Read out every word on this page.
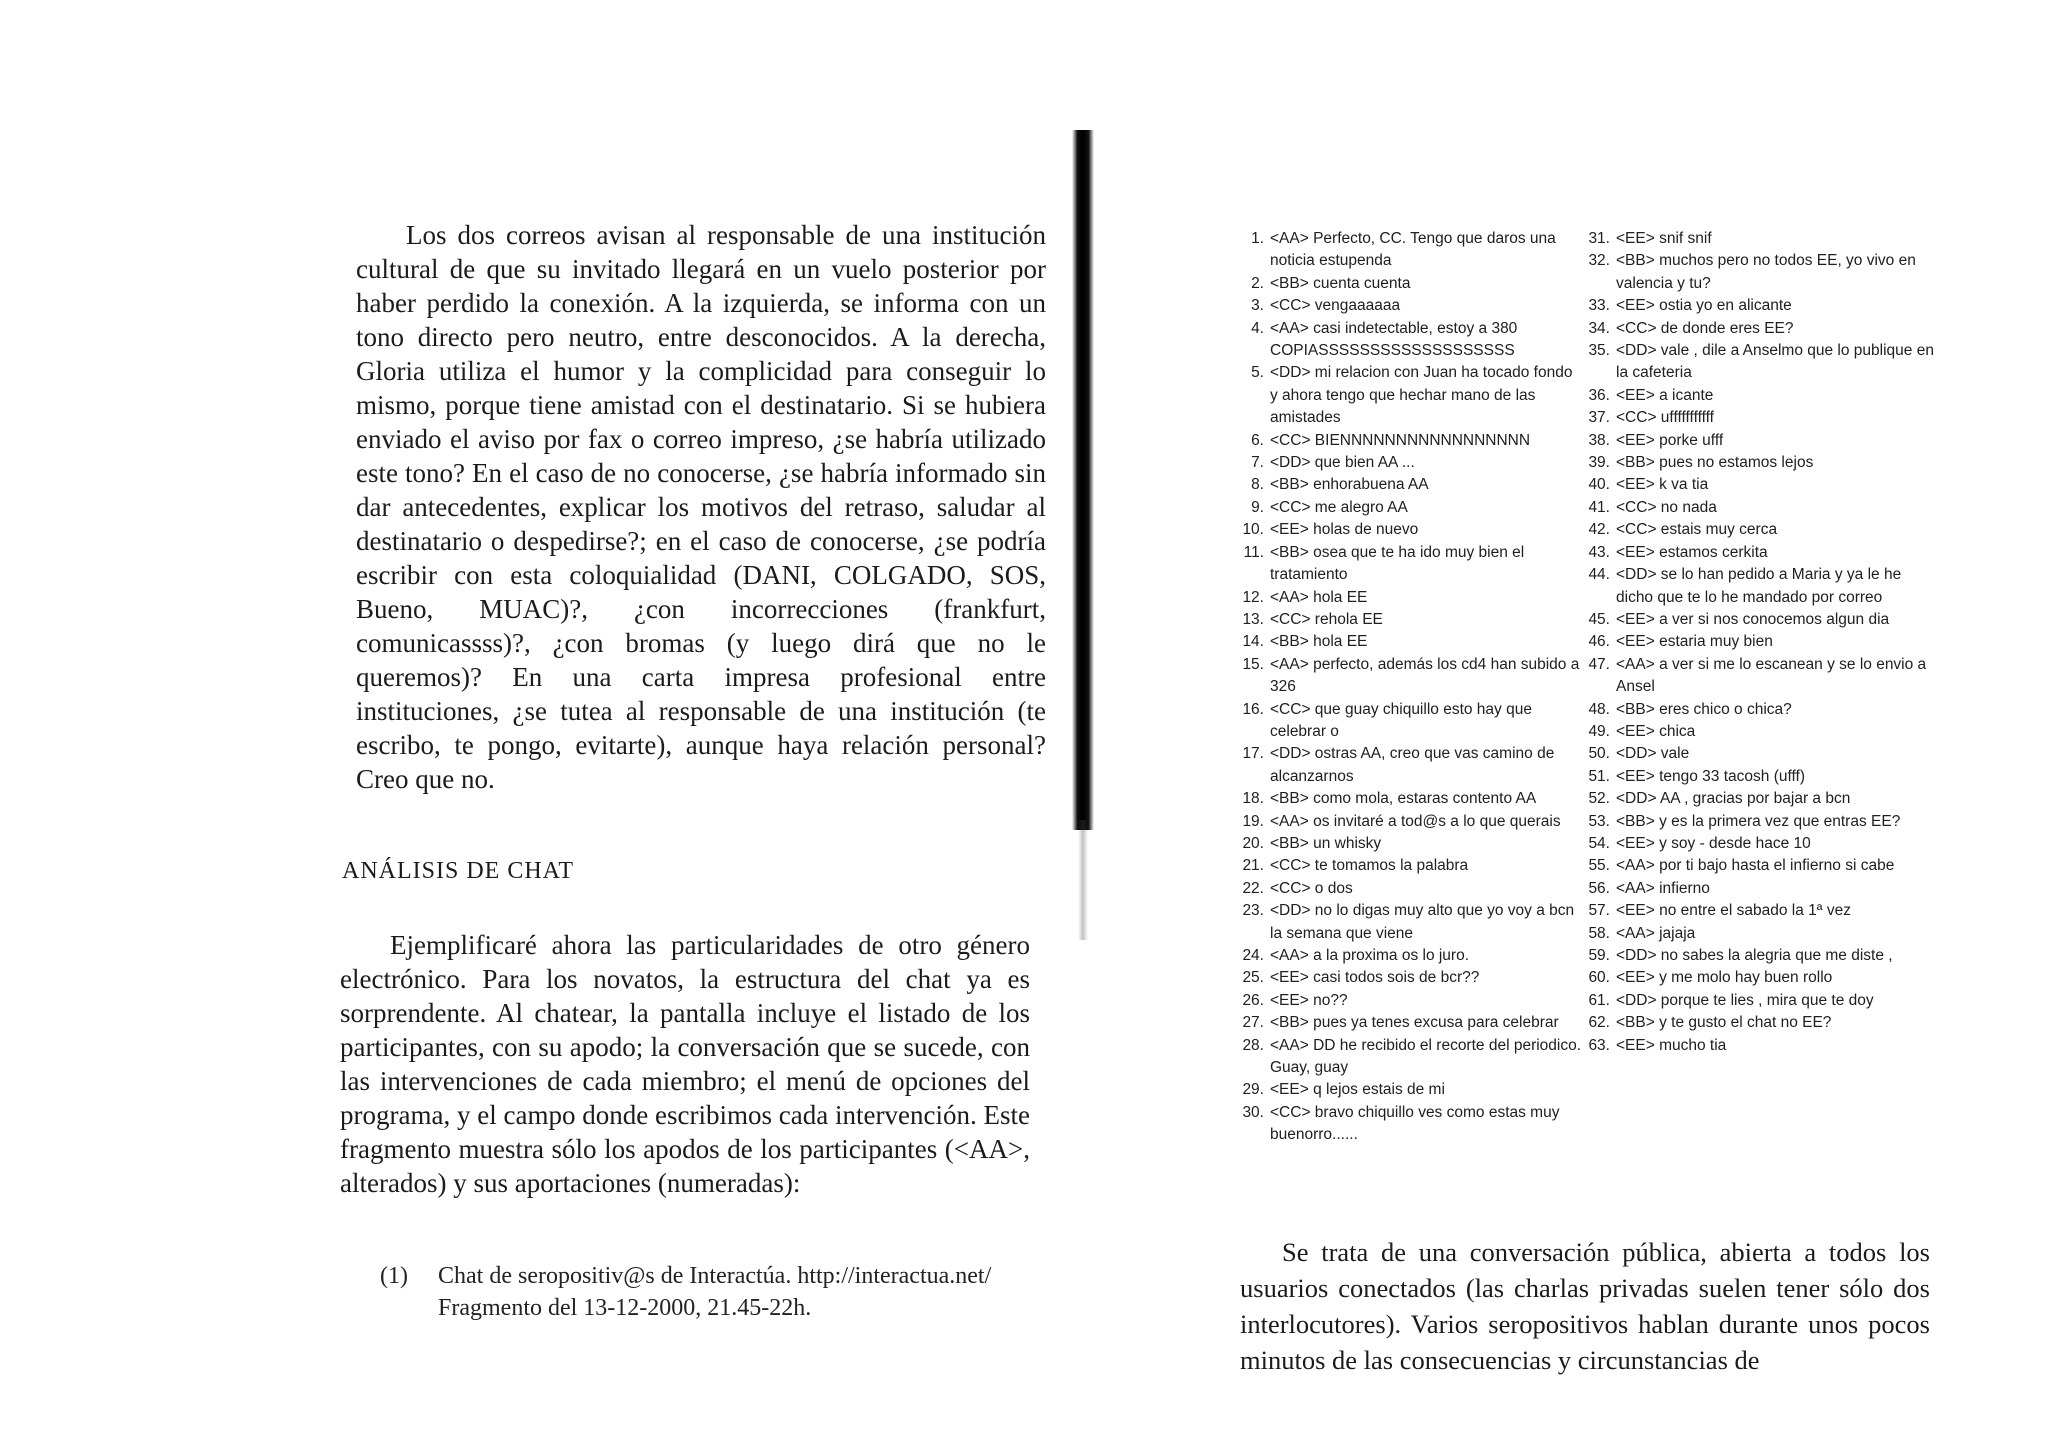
Los dos correos avisan al responsable de una institución cultural de que su invitado llegará en un vuelo posterior por haber perdido la conexión. A la izquierda, se informa con un tono directo pero neutro, entre desconocidos. A la derecha, Gloria utiliza el humor y la complicidad para conseguir lo mismo, porque tiene amistad con el destinatario. Si se hubiera enviado el aviso por fax o correo impreso, ¿se habría utilizado este tono? En el caso de no conocerse, ¿se habría informado sin dar antecedentes, explicar los motivos del retraso, saludar al destinatario o despedirse?; en el caso de conocerse, ¿se podría escribir con esta coloquialidad (DANI, COLGADO, SOS, Bueno, MUAC)?, ¿con incorrecciones (frankfurt, comunicassss)?, ¿con bromas (y luego dirá que no le queremos)? En una carta impresa profesional entre instituciones, ¿se tutea al responsable de una institución (te escribo, te pongo, evitarte), aunque haya relación personal? Creo que no.

ANÁLISIS DE CHAT

Ejemplificaré ahora las particularidades de otro género electrónico. Para los novatos, la estructura del chat ya es sorprendente. Al chatear, la pantalla incluye el listado de los participantes, con su apodo; la conversación que se sucede, con las intervenciones de cada miembro; el menú de opciones del programa, y el campo donde escribimos cada intervención. Este fragmento muestra sólo los apodos de los participantes (<AA>, alterados) y sus aportaciones (numeradas):

(1)	Chat de seropositiv@s de Interactúa. http://interactua.net/ Fragmento del 13-12-2000, 21.45-22h.
1. <AA> Perfecto, CC. Tengo que daros una noticia estupenda
2. <BB> cuenta cuenta
3. <CC> vengaaaaaa
4. <AA> casi indetectable, estoy a 380 COPIASSSSSSSSSSSSSSSSSSS
5. <DD> mi relacion con Juan ha tocado fondo y ahora tengo que hechar mano de las amistades
6. <CC> BIENNNNNNNNNNNNNNNNN
7. <DD> que bien AA ...
8. <BB> enhorabuena AA
9. <CC> me alegro AA
10. <EE> holas de nuevo
11. <BB> osea que te ha ido muy bien el tratamiento
12. <AA> hola EE
13. <CC> rehola EE
14. <BB> hola EE
15. <AA> perfecto, además los cd4 han subido a 326
16. <CC> que guay chiquillo esto hay que celebrar o
17. <DD> ostras AA, creo que vas camino de alcanzarnos
18. <BB> como mola, estaras contento AA
19. <AA> os invitaré a tod@s a lo que querais
20. <BB> un whisky
21. <CC> te tomamos la palabra
22. <CC> o dos
23. <DD> no lo digas muy alto que yo voy a bcn la semana que viene
24. <AA> a la proxima os lo juro.
25. <EE> casi todos sois de bcr??
26. <EE> no??
27. <BB> pues ya tenes excusa para celebrar
28. <AA> DD he recibido el recorte del periodico. Guay, guay
29. <EE> q lejos estais de mi
30. <CC> bravo chiquillo ves como estas muy buenorro......
31. <EE> snif snif
32. <BB> muchos pero no todos EE, yo vivo en valencia y tu?
33. <EE> ostia yo en alicante
34. <CC> de donde eres EE?
35. <DD> vale , dile a Anselmo que lo publique en la cafeteria
36. <EE> a icante
37. <CC> ufffffffffff
38. <EE> porke ufff
39. <BB> pues no estamos lejos
40. <EE> k va tia
41. <CC> no nada
42. <CC> estais muy cerca
43. <EE> estamos cerkita
44. <DD> se lo han pedido a Maria y ya le he dicho que te lo he mandado por correo
45. <EE> a ver si nos conocemos algun dia
46. <EE> estaria muy bien
47. <AA> a ver si me lo escanean y se lo envio a Ansel
48. <BB> eres chico o chica?
49. <EE> chica
50. <DD> vale
51. <EE> tengo 33 tacosh (ufff)
52. <DD> AA , gracias por bajar a bcn
53. <BB> y es la primera vez que entras EE?
54. <EE> y soy - desde hace 10
55. <AA> por ti bajo hasta el infierno si cabe
56. <AA> infierno
57. <EE> no entre el sabado la 1ª vez
58. <AA> jajaja
59. <DD> no sabes la alegria que me diste ,
60. <EE> y me molo hay buen rollo
61. <DD> porque te lies , mira que te doy
62. <BB> y te gusto el chat no EE?
63. <EE> mucho tia

Se trata de una conversación pública, abierta a todos los usuarios conectados (las charlas privadas suelen tener sólo dos interlocutores). Varios seropositivos hablan durante unos pocos minutos de las consecuencias y circunstancias de
